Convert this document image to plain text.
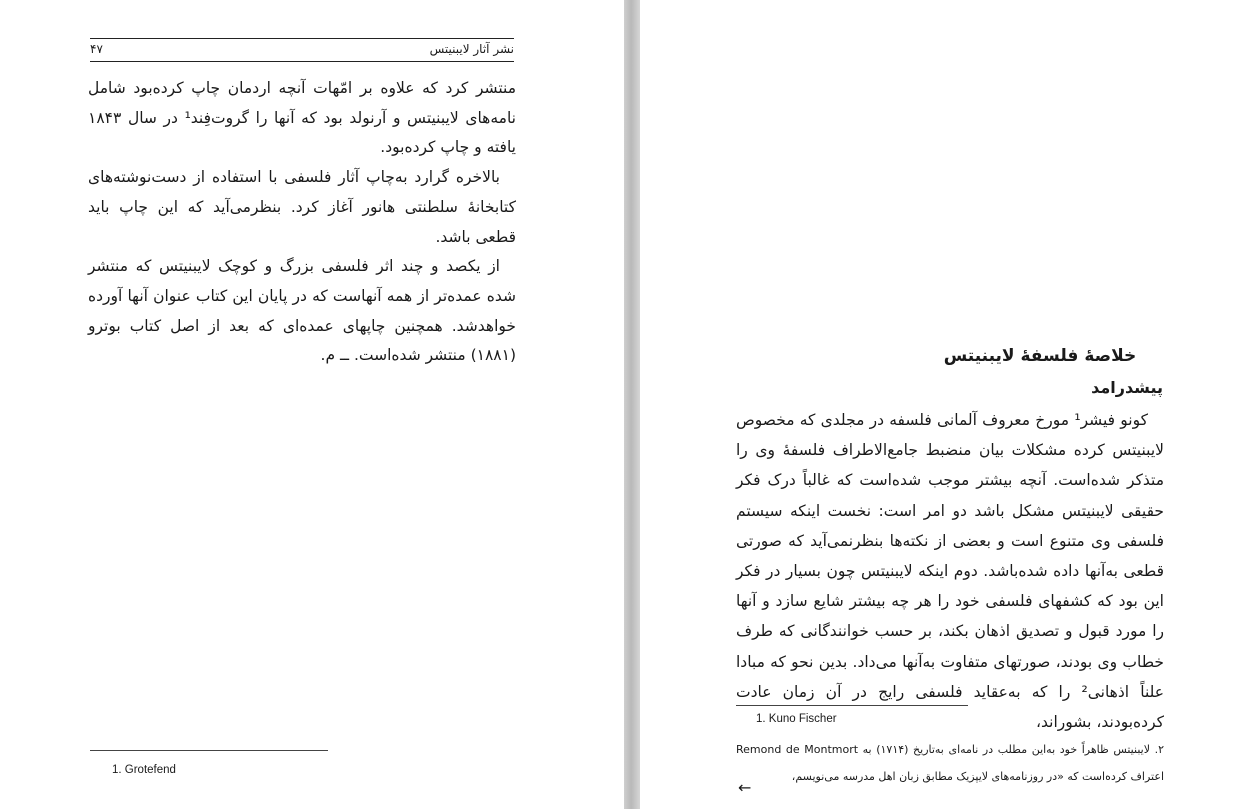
۴۷	نشر آثار لایبنیتس

منتشر کرد که علاوه بر امّهات آنچه اردمان چاپ کرده‌بود شامل نامه‌های لایبنیتس و آرنولد بود که آنها را گروت‌فِند¹ در سال ۱۸۴۳ یافته و چاپ کرده‌بود.

بالاخره گرارد به‌چاپ آثار فلسفی با استفاده از دست‌نوشته‌های کتابخانهٔ سلطنتی هانور آغاز کرد. بنظرمی‌آید که این چاپ باید قطعی باشد.

از یکصد و چند اثر فلسفی بزرگ و کوچک لایبنیتس که منتشر شده عمده‌تر از همه آنهاست که در پایان این کتاب عنوان آنها آورده خواهدشد. همچنین چاپهای عمده‌ای که بعد از اصل کتاب بوترو (۱۸۸۱) منتشر شده‌است. ــ م.

1. Grotefend
خلاصهٔ فلسفهٔ لایبنیتس
پیشدرامد

کونو فیشر¹ مورخ معروف آلمانی فلسفه در مجلدی که مخصوص لایبنیتس کرده مشکلات بیان منضبط جامع‌الاطراف فلسفهٔ وی را متذکر شده‌است. آنچه بیشتر موجب شده‌است که غالباً درک فکر حقیقی لایبنیتس مشکل باشد دو امر است: نخست اینکه سیستم فلسفی وی متنوع است و بعضی از نکته‌ها بنظرنمی‌آید که صورتی قطعی به‌آنها داده شده‌باشد. دوم اینکه لایبنیتس چون بسیار در فکر این بود که کشفهای فلسفی خود را هر چه بیشتر شایع سازد و آنها را مورد قبول و تصدیق اذهان بکند، بر حسب خوانندگانی که طرف خطاب وی بودند، صورتهای متفاوت به‌آنها می‌داد. بدین نحو که مبادا علناً اذهانی² را که به‌عقاید فلسفی رایج در آن زمان عادت کرده‌بودند، بشوراند،

1. Kuno Fischer

۲. لایبنیتس ظاهراً خود به‌این مطلب در نامه‌ای به‌تاریخ (۱۷۱۴) به Remond de Montmort اعتراف کرده‌است که «در روزنامه‌های لایپزیک مطابق زبان اهل مدرسه می‌نویسم،

←
